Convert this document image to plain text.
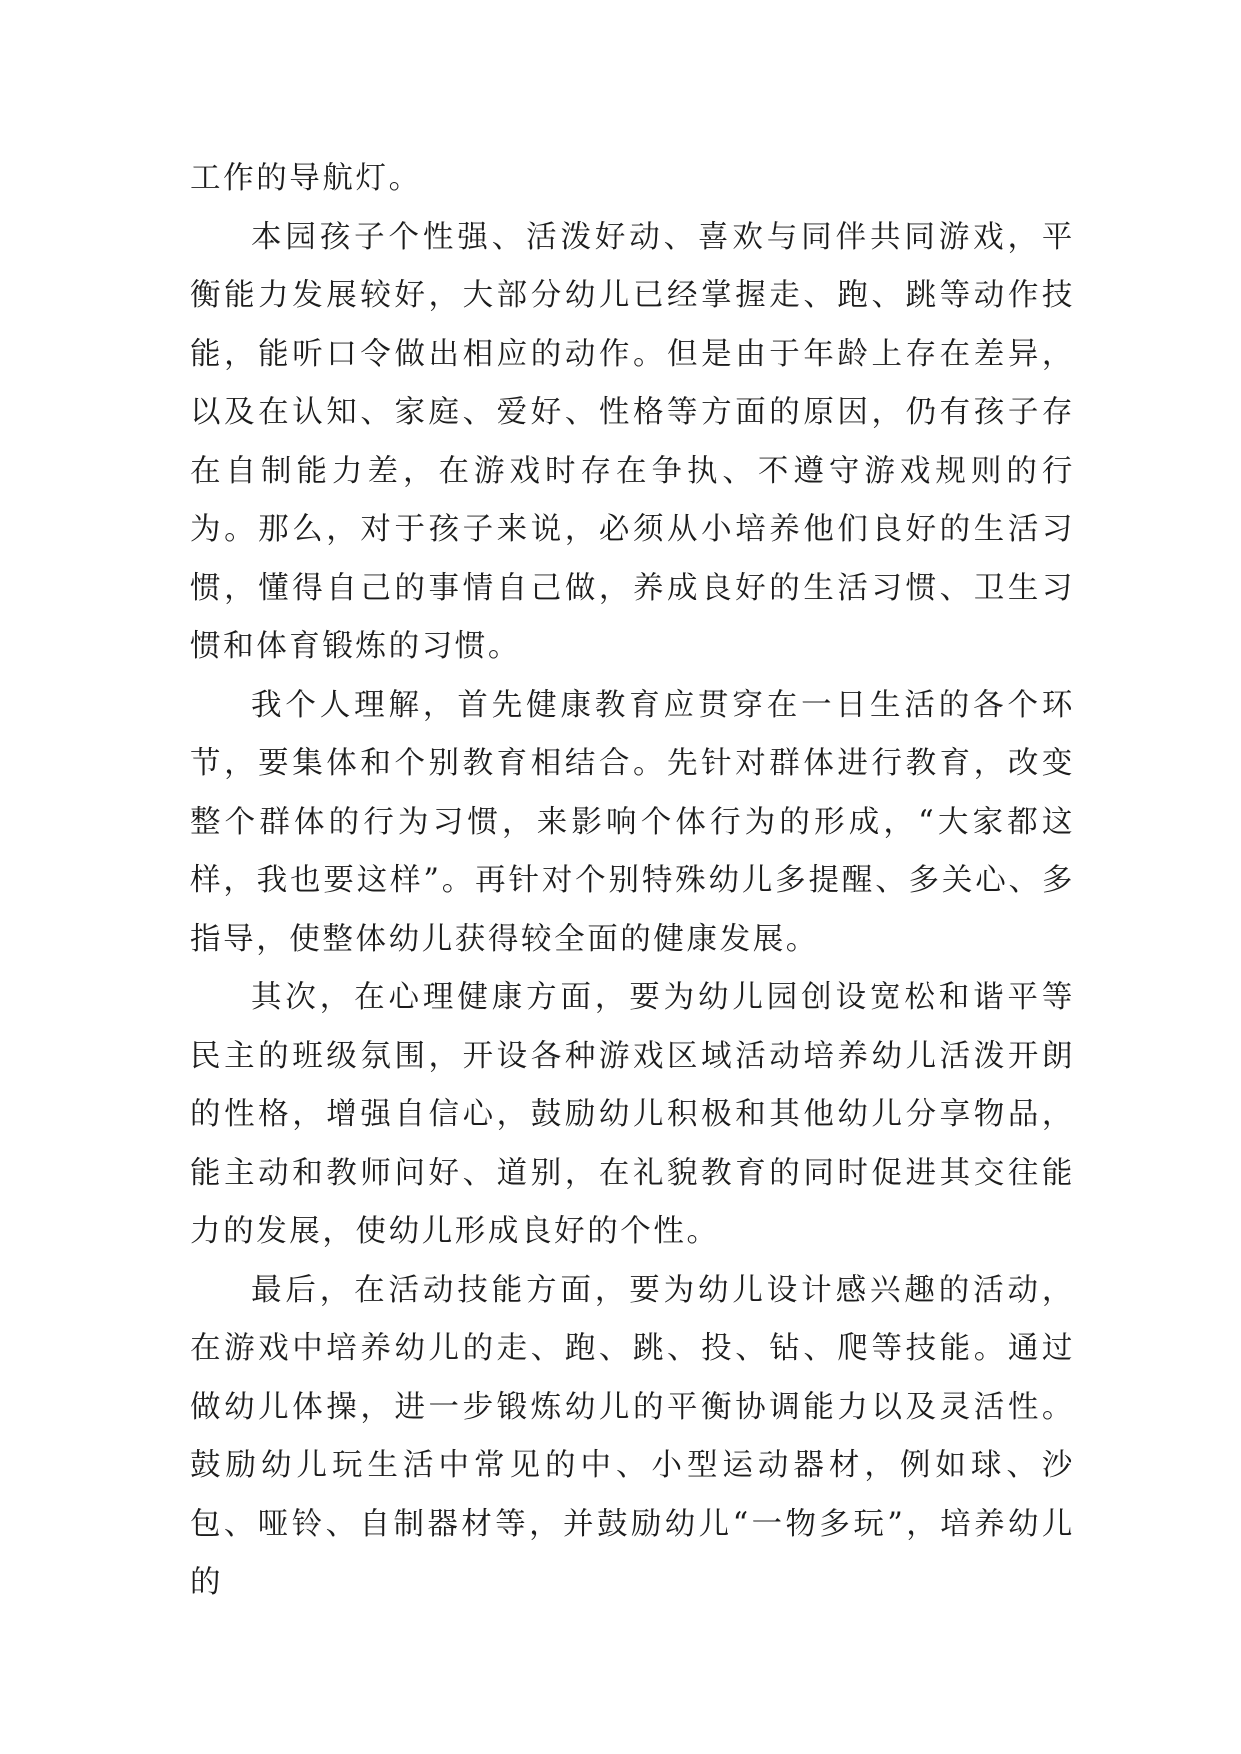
工作的导航灯。

本园孩子个性强、活泼好动、喜欢与同伴共同游戏，平衡能力发展较好，大部分幼儿已经掌握走、跑、跳等动作技能，能听口令做出相应的动作。但是由于年龄上存在差异，以及在认知、家庭、爱好、性格等方面的原因，仍有孩子存在自制能力差，在游戏时存在争执、不遵守游戏规则的行为。那么，对于孩子来说，必须从小培养他们良好的生活习惯，懂得自己的事情自己做，养成良好的生活习惯、卫生习惯和体育锻炼的习惯。

我个人理解，首先健康教育应贯穿在一日生活的各个环节，要集体和个别教育相结合。先针对群体进行教育，改变整个群体的行为习惯，来影响个体行为的形成，“大家都这样，我也要这样”。再针对个别特殊幼儿多提醒、多关心、多指导，使整体幼儿获得较全面的健康发展。

其次，在心理健康方面，要为幼儿园创设宽松和谐平等民主的班级氛围，开设各种游戏区域活动培养幼儿活泼开朗的性格，增强自信心，鼓励幼儿积极和其他幼儿分享物品，能主动和教师问好、道别，在礼貌教育的同时促进其交往能力的发展，使幼儿形成良好的个性。

最后，在活动技能方面，要为幼儿设计感兴趣的活动，在游戏中培养幼儿的走、跑、跳、投、钻、爬等技能。通过做幼儿体操，进一步锻炼幼儿的平衡协调能力以及灵活性。鼓励幼儿玩生活中常见的中、小型运动器材，例如球、沙包、哑铃、自制器材等，并鼓励幼儿“一物多玩”，培养幼儿的
